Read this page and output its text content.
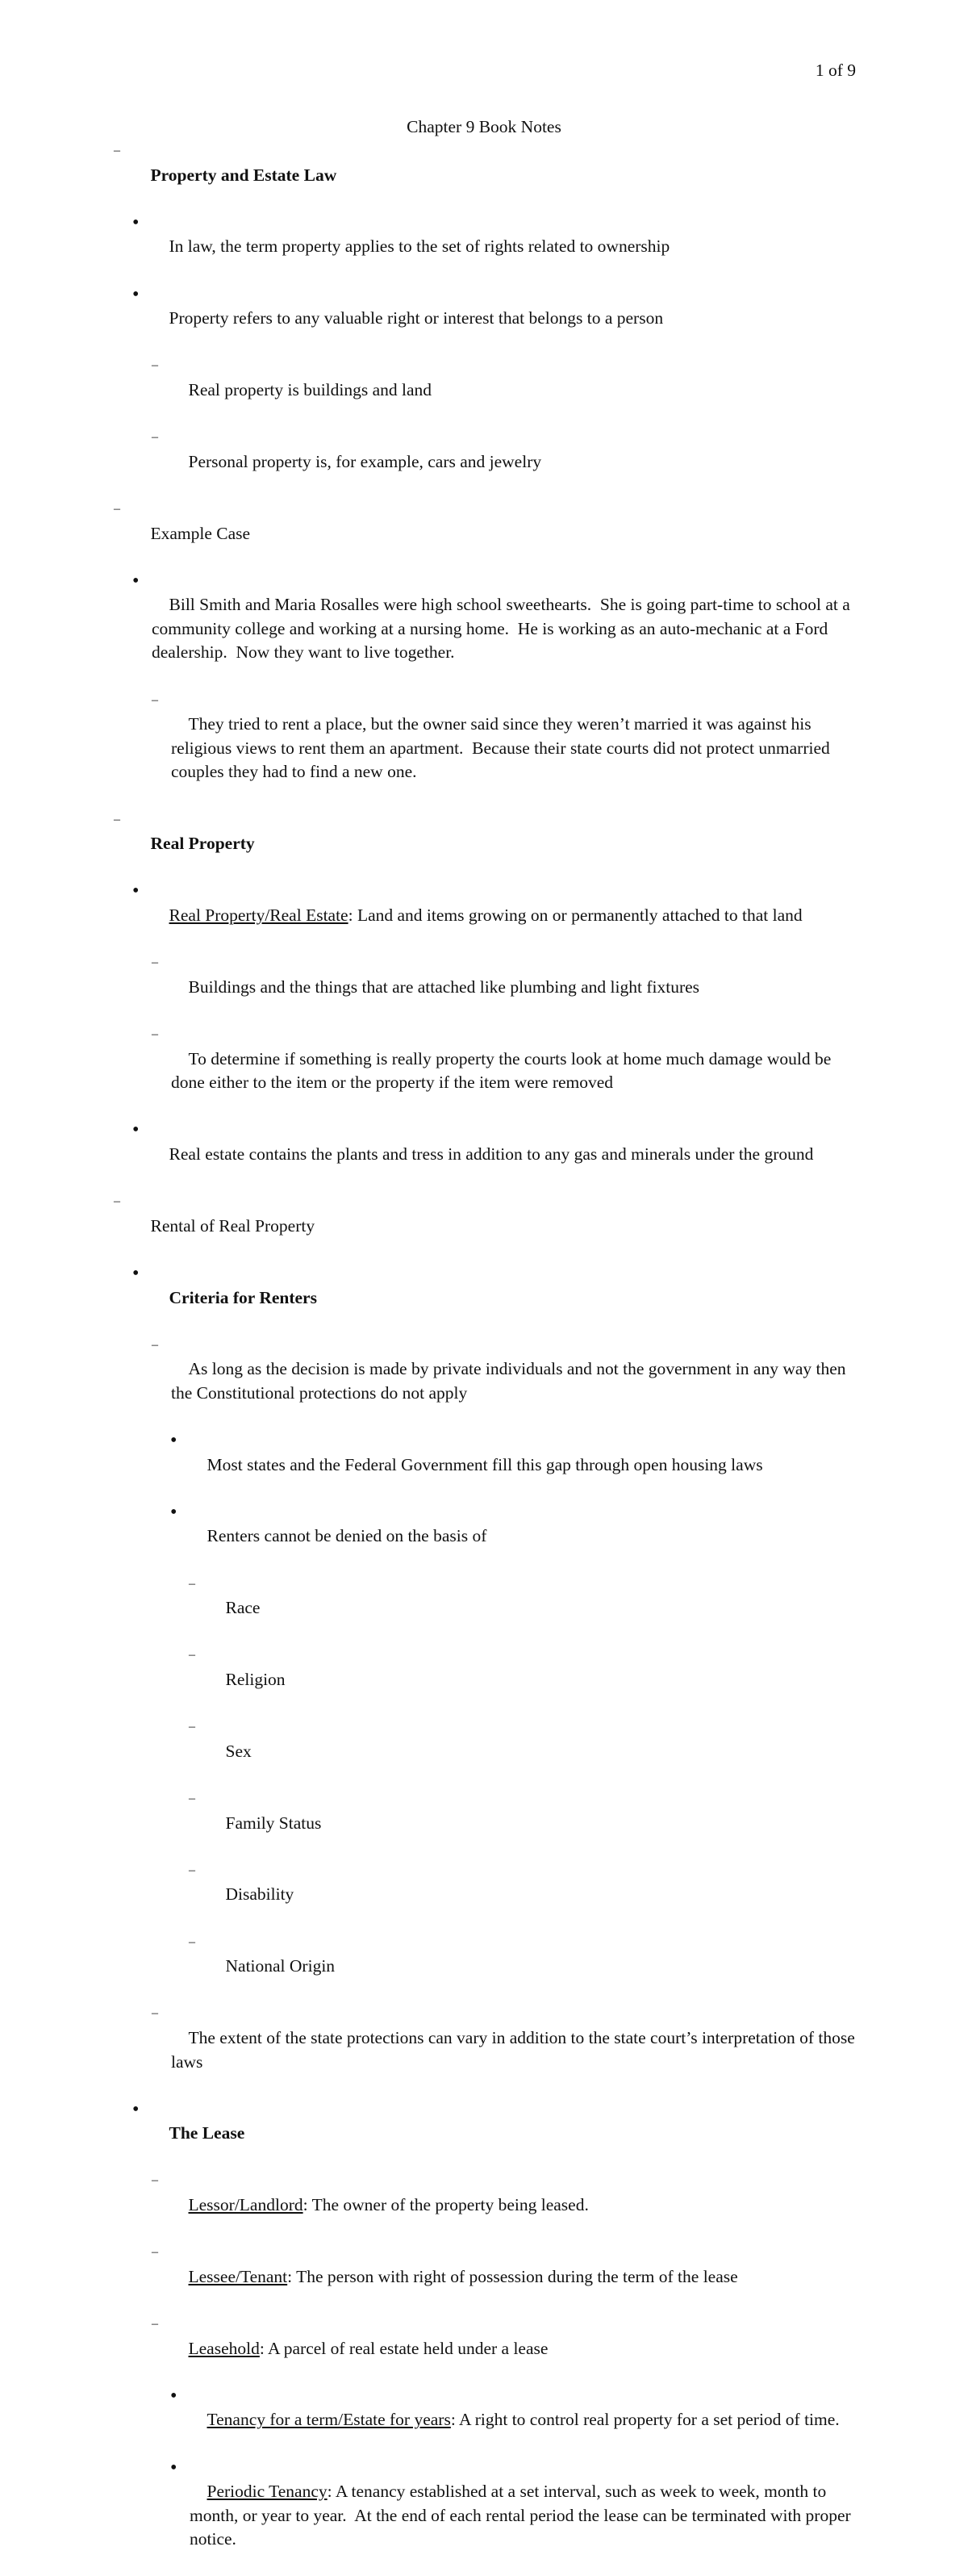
1 of 9
Chapter 9 Book Notes

–
Property and Estate Law

•
In law, the term property applies to the set of rights related to ownership

•
Property refers to any valuable right or interest that belongs to a person

–
Real property is buildings and land

–
Personal property is, for example, cars and jewelry

–
Example Case

•
Bill Smith and Maria Rosalles were high school sweethearts.  She is going part-time to school at a community college and working at a nursing home.  He is working as an auto-mechanic at a Ford dealership.  Now they want to live together.

–
They tried to rent a place, but the owner said since they weren’t married it was against his religious views to rent them an apartment.  Because their state courts did not protect unmarried couples they had to find a new one.

–
Real Property

•
Real Property/Real Estate: Land and items growing on or permanently attached to that land

–
Buildings and the things that are attached like plumbing and light fixtures

–
To determine if something is really property the courts look at home much damage would be done either to the item or the property if the item were removed

•
Real estate contains the plants and tress in addition to any gas and minerals under the ground

–
Rental of Real Property

•
Criteria for Renters

–
As long as the decision is made by private individuals and not the government in any way then the Constitutional protections do not apply

•
Most states and the Federal Government fill this gap through open housing laws

•
Renters cannot be denied on the basis of

–
Race

–
Religion

–
Sex

–
Family Status

–
Disability

–
National Origin

–
The extent of the state protections can vary in addition to the state court’s interpretation of those laws

•
The Lease

–
Lessor/Landlord: The owner of the property being leased.

–
Lessee/Tenant: The person with right of possession during the term of the lease

–
Leasehold: A parcel of real estate held under a lease

•
Tenancy for a term/Estate for years: A right to control real property for a set period of time.

•
Periodic Tenancy: A tenancy established at a set interval, such as week to week, month to month, or year to year.  At the end of each rental period the lease can be terminated with proper notice.
